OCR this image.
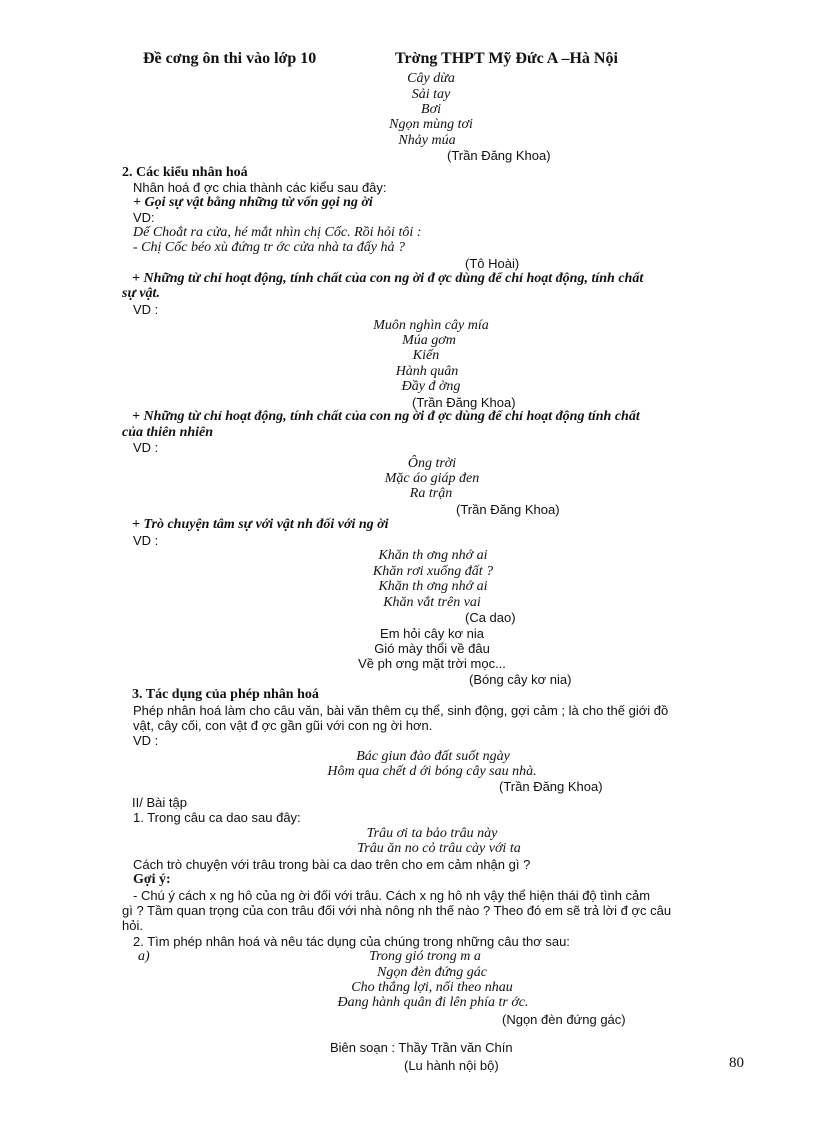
Đề cơng ôn thi vào lớp 10	Trờng THPT Mỹ Đức A –Hà Nội
Cây dừa
Sải tay
Bơi
Ngọn mùng tơi
Nhảy múa
(Trần Đăng Khoa)
2. Các kiểu nhân hoá
Nhân hoá đ ợc chia thành các kiểu sau đây:
+ Gọi sự vật bằng những từ vốn gọi ng ời
VD:
Dế Choắt ra cửa, hé mắt nhìn chị Cốc. Rồi hỏi tôi :
- Chị Cốc béo xù đứng tr ớc cửa nhà ta đấy hả ?
(Tô Hoài)
+ Những từ chỉ hoạt động, tính chất của con ng ời đ ợc dùng để chỉ hoạt động, tính chất
sự vật.
VD :
Muôn nghìn cây mía
Múa gơm
Kiến
Hành quân
Đầy đ ờng
(Trần Đăng Khoa)
+ Những từ chỉ hoạt động, tính chất của con ng ời đ ợc dùng để chỉ hoạt động tính chất
của thiên nhiên
VD :
Ông trời
Mặc áo giáp đen
Ra trận
(Trần Đăng Khoa)
+ Trò chuyện tâm sự với vật nh đối với ng ời
VD :
Khăn th ơng nhớ ai
Khăn rơi xuống đất ?
Khăn th ơng nhớ ai
Khăn vắt trên vai
(Ca dao)
Em hỏi cây kơ nia
Gió mày thổi về đâu
Về ph ơng mặt trời mọc...
(Bóng cây kơ nia)
3. Tác dụng của phép nhân hoá
Phép nhân hoá làm cho câu văn, bài văn thêm cụ thể, sinh động, gợi cảm ; là cho thế giới đồ
vật, cây cối, con vật đ ợc gần gũi với con ng ời hơn.
VD :
Bác giun đào đất suốt ngày
Hôm qua chết d ới bóng cây sau nhà.
(Trần Đăng Khoa)
II/ Bài tập
1. Trong câu ca dao sau đây:
Trâu ơi ta bảo trâu này
Trâu ăn no cỏ trâu cày với ta
Cách trò chuyện với trâu trong bài ca dao trên cho em cảm nhận gì ?
Gợi ý:
- Chú ý cách x ng hô của ng ời đối với trâu. Cách x ng hô nh vậy thể hiện thái độ tình cảm
gì ? Tầm quan trọng của con trâu đối với nhà nông nh thế nào ? Theo đó em sẽ trả lời đ ợc câu
hỏi.
2. Tìm phép nhân hoá và nêu tác dụng của chúng trong những câu thơ sau:
a)	Trong gió trong m a
Ngọn đèn đứng gác
Cho thắng lợi, nối theo nhau
Đang hành quân đi lên phía tr ớc.
(Ngọn đèn đứng gác)
Biên soạn : Thầy Trần văn Chín
(Lu hành nội bộ)	80
